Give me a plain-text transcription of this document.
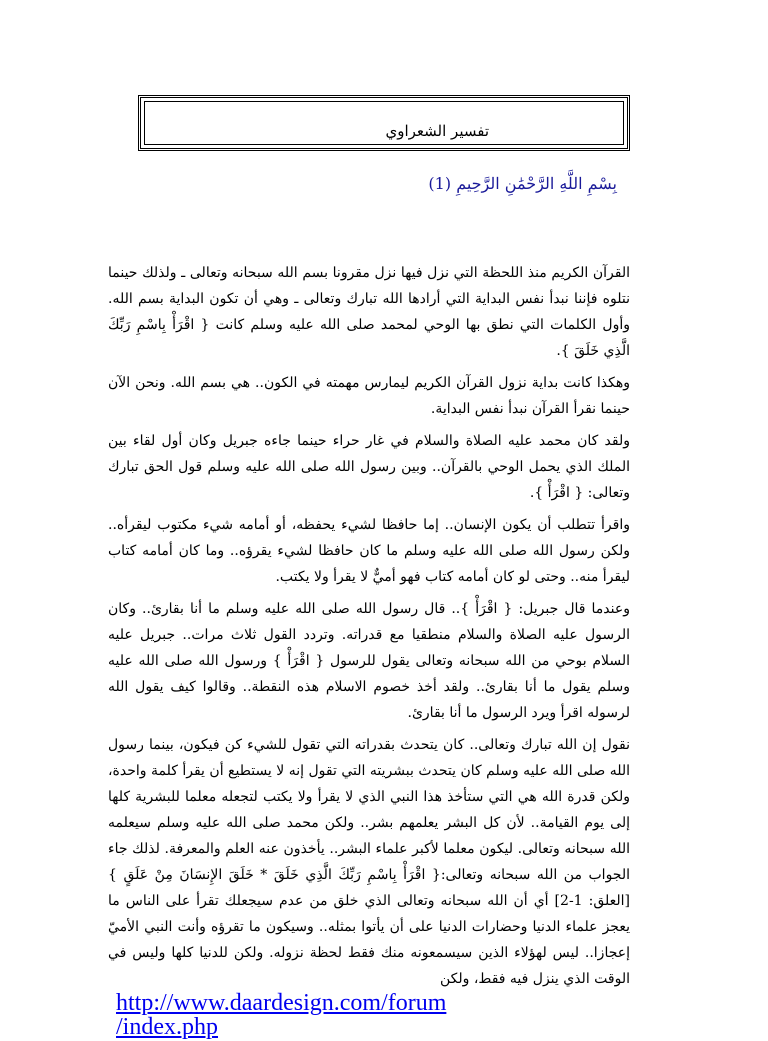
تفسير الشعراوي
بِسْمِ اللَّهِ الرَّحْمَٰنِ الرَّحِيمِ (1)

القرآن الكريم منذ اللحظة التي نزل فيها نزل مقرونا بسم الله سبحانه وتعالى ـ ولذلك حينما نتلوه فإننا نبدأ نفس البداية التي أرادها الله تبارك وتعالى ـ وهي أن تكون البداية بسم الله. وأول الكلمات التي نطق بها الوحي لمحمد صلى الله عليه وسلم كانت { اقْرَأْ بِاسْمِ رَبِّكَ الَّذِي خَلَقَ }.

وهكذا كانت بداية نزول القرآن الكريم ليمارس مهمته في الكون.. هي بسم الله. ونحن الآن حينما نقرأ القرآن نبدأ نفس البداية.

ولقد كان محمد عليه الصلاة والسلام في غار حراء حينما جاءه جبريل وكان أول لقاء بين الملك الذي يحمل الوحي بالقرآن.. وبين رسول الله صلى الله عليه وسلم قول الحق تبارك وتعالى: { اقْرَأْ }.

واقرأ تتطلب أن يكون الإنسان.. إما حافظا لشيء يحفظه، أو أمامه شيء مكتوب ليقرأه.. ولكن رسول الله صلى الله عليه وسلم ما كان حافظا لشيء يقرؤه.. وما كان أمامه كتاب ليقرأ منه.. وحتى لو كان أمامه كتاب فهو أميٌّ لا يقرأ ولا يكتب.

وعندما قال جبريل: { اقْرَأْ }.. قال رسول الله صلى الله عليه وسلم ما أنا بقارئ.. وكان الرسول عليه الصلاة والسلام منطقيا مع قدراته. وتردد القول ثلاث مرات.. جبريل عليه السلام بوحي من الله سبحانه وتعالى يقول للرسول { اقْرَأْ } ورسول الله صلى الله عليه وسلم يقول ما أنا بقارئ.. ولقد أخذ خصوم الاسلام هذه النقطة.. وقالوا كيف يقول الله لرسوله اقرأ ويرد الرسول ما أنا بقارئ.

نقول إن الله تبارك وتعالى.. كان يتحدث بقدراته التي تقول للشيء كن فيكون، بينما رسول الله صلى الله عليه وسلم كان يتحدث ببشريته التي تقول إنه لا يستطيع أن يقرأ كلمة واحدة، ولكن قدرة الله هي التي ستأخذ هذا النبي الذي لا يقرأ ولا يكتب لتجعله معلما للبشرية كلها إلى يوم القيامة.. لأن كل البشر يعلمهم بشر.. ولكن محمد صلى الله عليه وسلم سيعلمه الله سبحانه وتعالى. ليكون معلما لأكبر علماء البشر.. يأخذون عنه العلم والمعرفة. لذلك جاء الجواب من الله سبحانه وتعالى:{ اقْرَأْ بِاسْمِ رَبِّكَ الَّذِي خَلَقَ * خَلَقَ الإِنسَانَ مِنْ عَلَقٍ }[العلق: 1-2] أي أن الله سبحانه وتعالى الذي خلق من عدم سيجعلك تقرأ على الناس ما يعجز علماء الدنيا وحضارات الدنيا على أن يأتوا بمثله.. وسيكون ما تقرؤه وأنت النبي الأميّ إعجازا.. ليس لهؤلاء الذين سيسمعونه منك فقط لحظة نزوله. ولكن للدنيا كلها وليس في الوقت الذي ينزل فيه فقط، ولكن

http://www.daardesign.com/forum
/index.php
